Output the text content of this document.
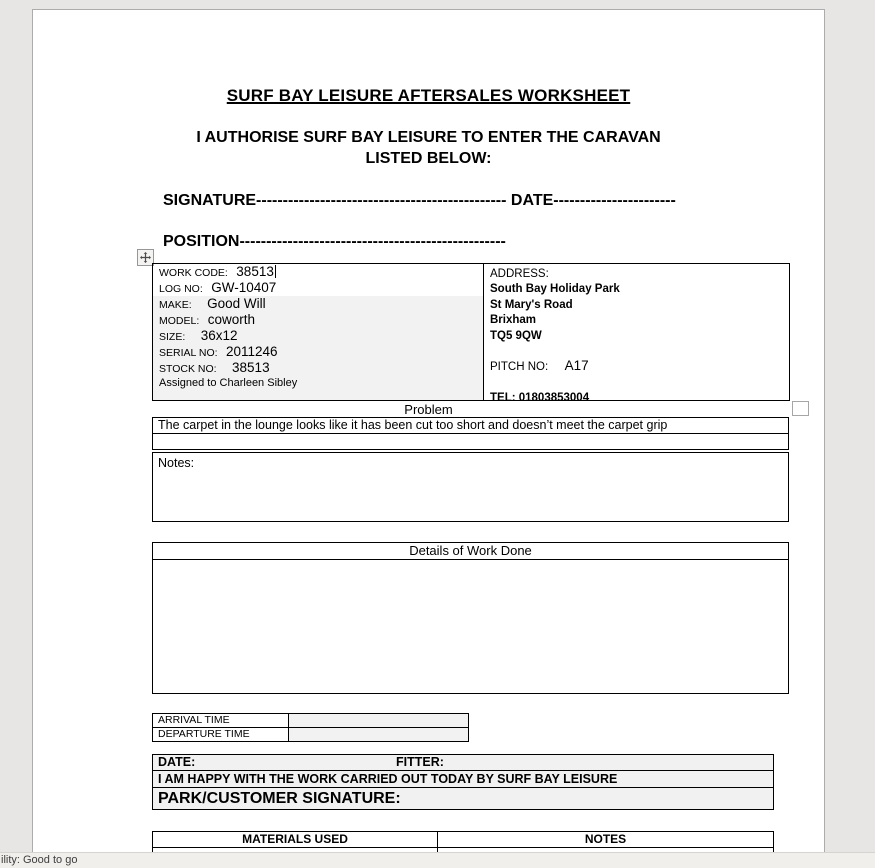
SURF BAY LEISURE AFTERSALES WORKSHEET
I AUTHORISE SURF BAY LEISURE TO ENTER THE CARAVAN
LISTED BELOW:
SIGNATURE----------------------------------------------- DATE-----------------------
POSITION--------------------------------------------------
WORK CODE: 38513
LOG NO: GW-10407
MAKE: Good Will
MODEL: coworth
SIZE: 36x12
SERIAL NO: 2011246
STOCK NO: 38513
Assigned to Charleen Sibley
ADDRESS:
South Bay Holiday Park
St Mary's Road
Brixham
TQ5 9QW
PITCH NO: A17
TEL: 01803853004
Problem
The carpet in the lounge looks like it has been cut too short and doesn’t meet the carpet grip
Notes:
Details of Work Done
ARRIVAL TIME
DEPARTURE TIME
DATE:	FITTER:
I AM HAPPY WITH THE WORK CARRIED OUT TODAY BY SURF BAY LEISURE
PARK/CUSTOMER SIGNATURE:
MATERIALS USED	NOTES
ility: Good to go
